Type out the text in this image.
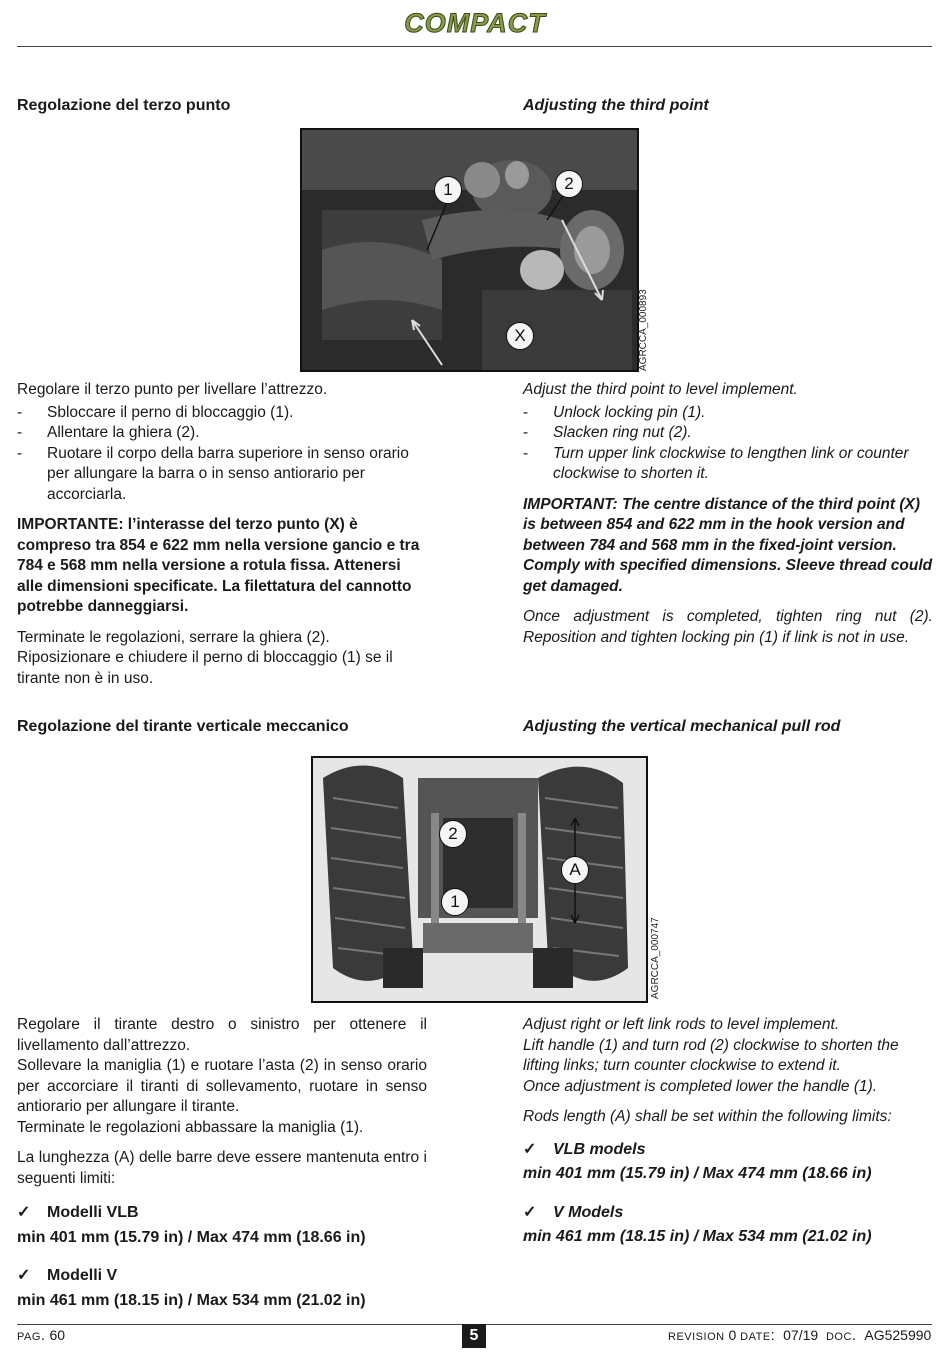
COMPACT
Regolazione del terzo punto	Adjusting the third point
1	2
X	AGRCCA_000893

Regolare il terzo punto per livellare l’attrezzo.

-	Sbloccare il perno di bloccaggio (1).
-	Allentare la ghiera (2).
-	Ruotare il corpo della barra superiore in senso orario per allungare la barra o in senso antiorario per accorciarla.

IMPORTANTE: l’interasse del terzo punto (X) è compreso tra 854 e 622 mm nella versione gancio e tra 784 e 568 mm nella versione a rotula fissa. Attenersi alle dimensioni specificate. La filettatura del cannotto potrebbe danneggiarsi.

Terminate le regolazioni, serrare la ghiera (2). Riposizionare e chiudere il perno di bloccaggio (1) se il tirante non è in uso.

Adjust the third point to level implement.

-	Unlock locking pin (1).
-	Slacken ring nut (2).
-	Turn upper link clockwise to lengthen link or counter clockwise to shorten it.

IMPORTANT: The centre distance of the third point (X) is between 854 and 622 mm in the hook version and between 784 and 568 mm in the fixed-joint version.

Comply with specified dimensions. Sleeve thread could get damaged.

Once adjustment is completed, tighten ring nut (2). Reposition and tighten locking pin (1) if link is not in use.

Regolazione del tirante verticale meccanico	Adjusting the vertical mechanical pull rod
2
1
A
AGRCCA_000747

Regolare il tirante destro o sinistro per ottenere il livellamento dall’attrezzo.

Sollevare la maniglia (1) e ruotare l’asta (2) in senso orario per accorciare il tiranti di sollevamento, ruotare in senso antiorario per allungare il tirante.

Terminate le regolazioni abbassare la maniglia (1).

La lunghezza (A) delle barre deve essere mantenuta entro i seguenti limiti:

✓	Modelli VLB
min 401 mm (15.79 in) / Max 474 mm (18.66 in)
✓	Modelli V
min 461 mm (18.15 in) / Max 534 mm (21.02 in)

Adjust right or left link rods to level implement.

Lift handle (1) and turn rod (2) clockwise to shorten the lifting links; turn counter clockwise to extend it.

Once adjustment is completed lower the handle (1).

Rods length (A) shall be set within the following limits:

✓	VLB models
min 401 mm (15.79 in) / Max 474 mm (18.66 in)
✓	V Models
min 461 mm (18.15 in) / Max 534 mm (21.02 in)
pag. 60	5	revision 0 date: 07/19 doc. AG525990
